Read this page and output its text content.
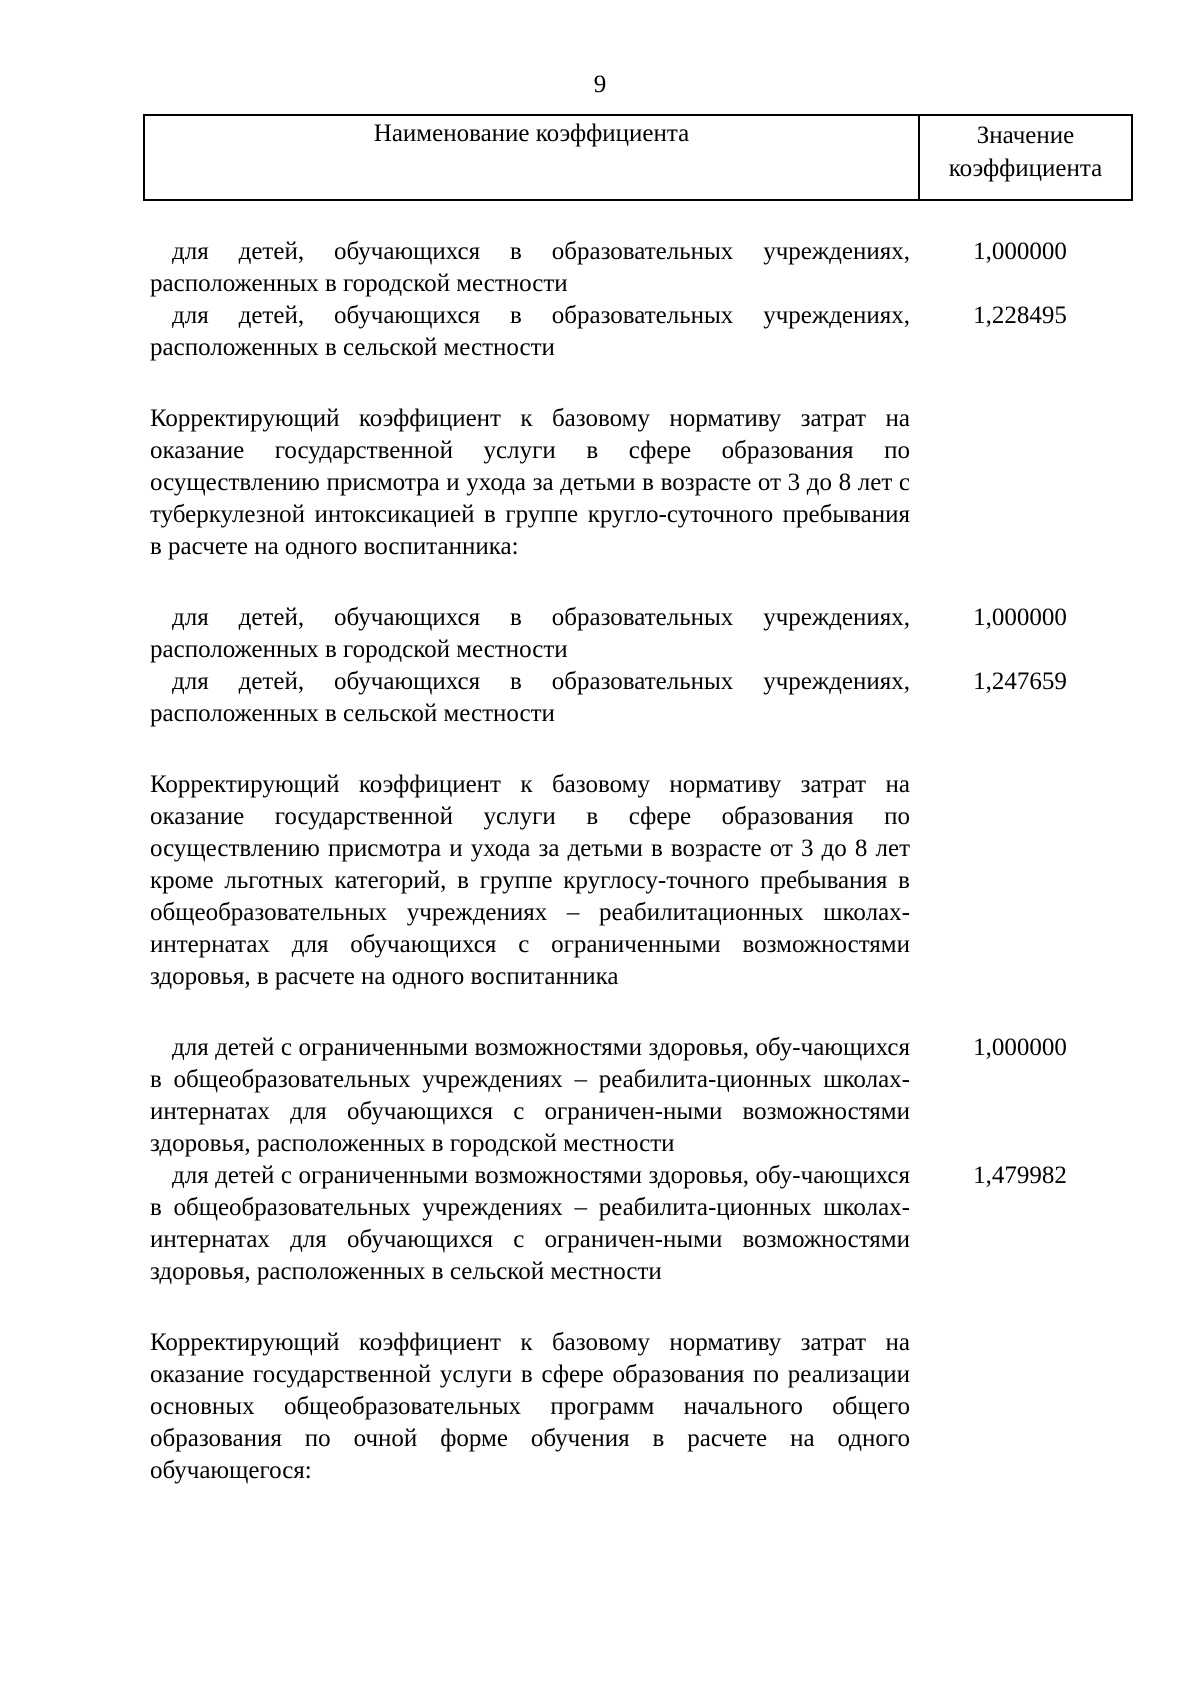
9
Наименование коэффициента	Значение
коэффициента
для детей, обучающихся в образовательных учреждениях, расположенных в городской местности
1,000000
для детей, обучающихся в образовательных учреждениях, расположенных в сельской местности
1,228495
Корректирующий коэффициент к базовому нормативу затрат на оказание государственной услуги в сфере образования по осуществлению присмотра и ухода за детьми в возрасте от 3 до 8 лет с туберкулезной интоксикацией в группе кругло-суточного пребывания в расчете на одного воспитанника:
для детей, обучающихся в образовательных учреждениях, расположенных в городской местности
1,000000
для детей, обучающихся в образовательных учреждениях, расположенных в сельской местности
1,247659
Корректирующий коэффициент к базовому нормативу затрат на оказание государственной услуги в сфере образования по осуществлению присмотра и ухода за детьми в возрасте от 3 до 8 лет кроме льготных категорий, в группе круглосу-точного пребывания в общеобразовательных учреждениях – реабилитационных школах-интернатах для обучающихся с ограниченными возможностями здоровья, в расчете на одного воспитанника
для детей с ограниченными возможностями здоровья, обу-чающихся в общеобразовательных учреждениях – реабилита-ционных школах-интернатах для обучающихся с ограничен-ными возможностями здоровья, расположенных в городской местности
1,000000
для детей с ограниченными возможностями здоровья, обу-чающихся в общеобразовательных учреждениях – реабилита-ционных школах-интернатах для обучающихся с ограничен-ными возможностями здоровья, расположенных в сельской местности
1,479982
Корректирующий коэффициент к базовому нормативу затрат на оказание государственной услуги в сфере образования по реализации основных общеобразовательных программ начального общего образования по очной форме обучения в расчете на одного обучающегося:
